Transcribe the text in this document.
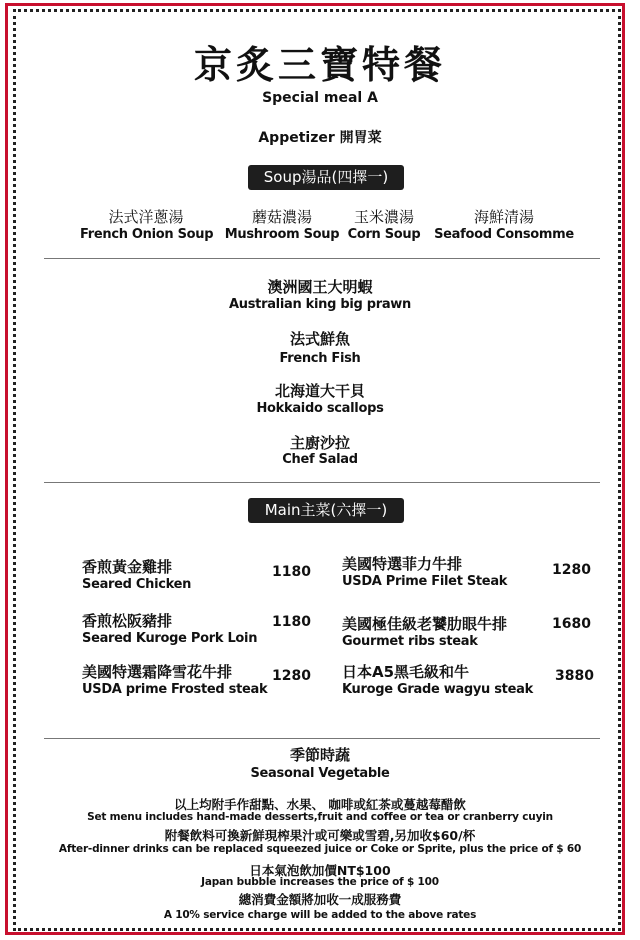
京炙三寶特餐
Special meal A
Appetizer 開胃菜
Soup湯品(四擇一)
法式洋蔥湯
French Onion Soup
蘑菇濃湯
Mushroom Soup
玉米濃湯
Corn Soup
海鮮清湯
Seafood Consomme
澳洲國王大明蝦
Australian king big prawn
法式鮮魚
French Fish
北海道大干貝
Hokkaido scallops
主廚沙拉
Chef Salad
Main主菜(六擇一)
香煎黃金雞排
Seared Chicken
1180
香煎松阪豬排
Seared Kuroge Pork Loin
1180
美國特選霜降雪花牛排
USDA prime Frosted steak
1280
美國特選菲力牛排
USDA Prime Filet Steak
1280
美國極佳級老饕肋眼牛排
Gourmet ribs steak
1680
日本A5黑毛級和牛
Kuroge Grade wagyu steak
3880
季節時蔬
Seasonal Vegetable
以上均附手作甜點、水果、 咖啡或紅茶或蔓越莓醋飲
Set menu includes hand-made desserts,fruit and coffee or tea or cranberry cuyin
附餐飲料可換新鮮現榨果汁或可樂或雪碧,另加收$60/杯
After-dinner drinks can be replaced squeezed juice or Coke or Sprite, plus the price of $ 60
日本氣泡飲加價NT$100
Japan bubble increases the price of $ 100
總消費金額將加收一成服務費
A 10% service charge will be added to the above rates
